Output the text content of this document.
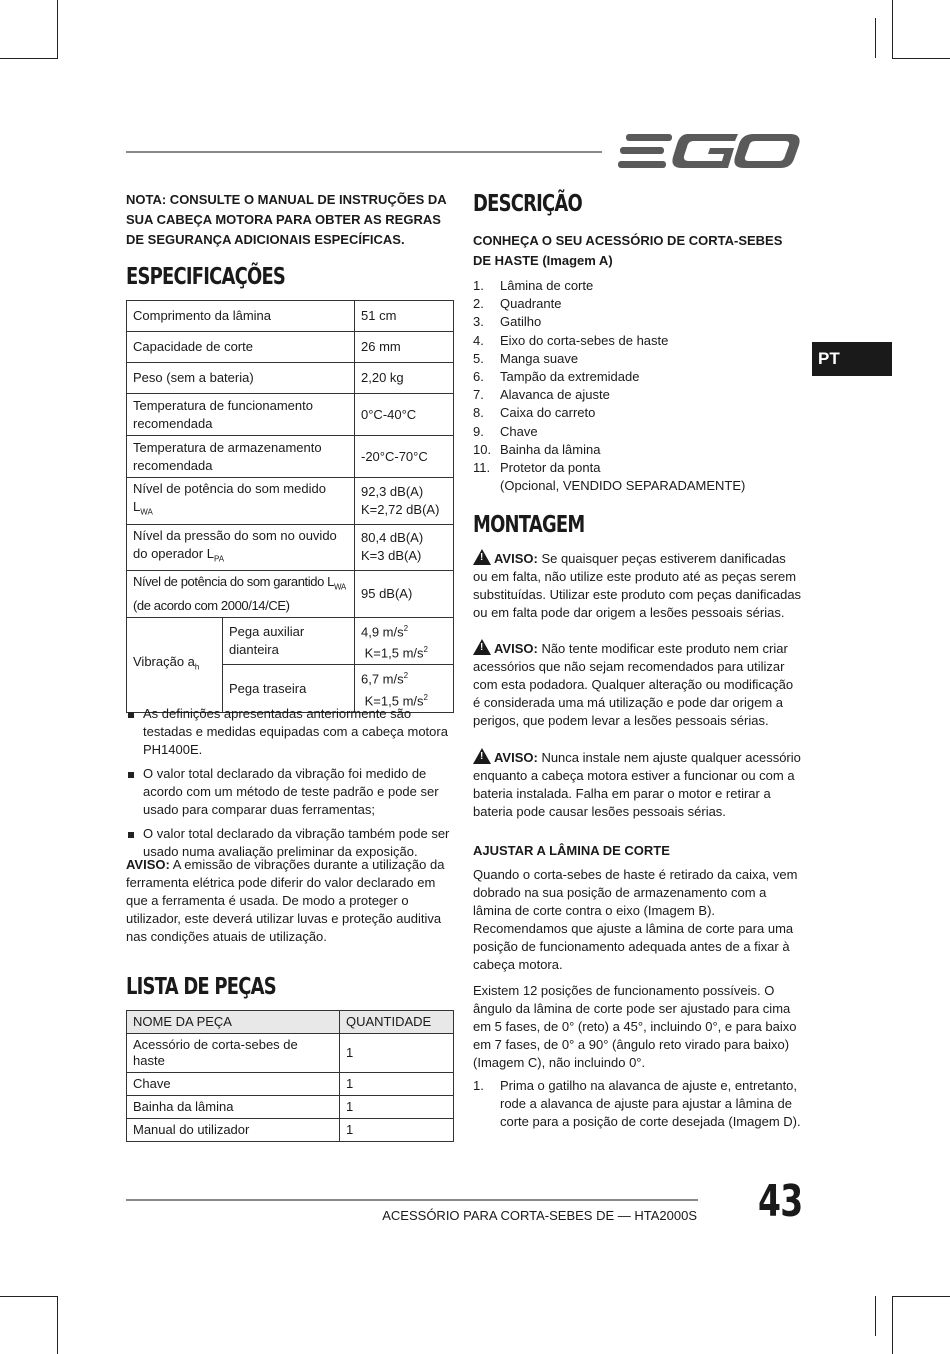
NOTA: CONSULTE O MANUAL DE INSTRUÇÕES DA SUA CABEÇA MOTORA PARA OBTER AS REGRAS DE SEGURANÇA ADICIONAIS ESPECÍFICAS.
ESPECIFICAÇÕES
Comprimento da lâmina		51 cm
Capacidade de corte		26 mm
Peso (sem a bateria)		2,20 kg
Temperatura de funcionamento recomendada		0°C-40°C
Temperatura de armazenamento recomendada		-20°C-70°C
Nível de potência do som medido $L_{WA}$		92,3 dB(A)
K=2,72 dB(A)
Nível da pressão do som no ouvido do operador $L_{PA}$		80,4 dB(A)
K=3 dB(A)
Nível de potência do som garantido $L_{WA}$
(de acordo com 2000/14/CE)		95 dB(A)
Vibração $a_h$	Pega auxiliar dianteira	4,9 $m/s^2$
K=1,5 $m/s^2$
	Pega traseira	6,7 $m/s^2$
K=1,5 $m/s^2$
As definições apresentadas anteriormente são testadas e medidas equipadas com a cabeça motora PH1400E.
O valor total declarado da vibração foi medido de acordo com um método de teste padrão e pode ser usado para comparar duas ferramentas;
O valor total declarado da vibração também pode ser usado numa avaliação preliminar da exposição.
AVISO: A emissão de vibrações durante a utilização da ferramenta elétrica pode diferir do valor declarado em que a ferramenta é usada. De modo a proteger o utilizador, este deverá utilizar luvas e proteção auditiva nas condições atuais de utilização.
LISTA DE PEÇAS
NOME DA PEÇA	QUANTIDADE
Acessório de corta-sebes de haste	1
Chave	1
Bainha da lâmina	1
Manual do utilizador	1
DESCRIÇÃO
CONHEÇA O SEU ACESSÓRIO DE CORTA-SEBES DE HASTE (Imagem A)
1. Lâmina de corte
2. Quadrante
3. Gatilho
4. Eixo do corta-sebes de haste
5. Manga suave
6. Tampão da extremidade
7. Alavanca de ajuste
8. Caixa do carreto
9. Chave
10. Bainha da lâmina
11. Protetor da ponta
(Opcional, VENDIDO SEPARADAMENTE)
PT
MONTAGEM
!AVISO: Se quaisquer peças estiverem danificadas ou em falta, não utilize este produto até as peças serem substituídas. Utilizar este produto com peças danificadas ou em falta pode dar origem a lesões pessoais sérias.
!AVISO: Não tente modificar este produto nem criar acessórios que não sejam recomendados para utilizar com esta podadora. Qualquer alteração ou modificação é considerada uma má utilização e pode dar origem a perigos, que podem levar a lesões pessoais sérias.
!AVISO: Nunca instale nem ajuste qualquer acessório enquanto a cabeça motora estiver a funcionar ou com a bateria instalada. Falha em parar o motor e retirar a bateria pode causar lesões pessoais sérias.
AJUSTAR A LÂMINA DE CORTE
Quando o corta-sebes de haste é retirado da caixa, vem dobrado na sua posição de armazenamento com a lâmina de corte contra o eixo (Imagem B). Recomendamos que ajuste a lâmina de corte para uma posição de funcionamento adequada antes de a fixar à cabeça motora.
Existem 12 posições de funcionamento possíveis. O ângulo da lâmina de corte pode ser ajustado para cima em 5 fases, de 0° (reto) a 45°, incluindo 0°, e para baixo em 7 fases, de 0° a 90° (ângulo reto virado para baixo) (Imagem C), não incluindo 0°.
1. Prima o gatilho na alavanca de ajuste e, entretanto, rode a alavanca de ajuste para ajustar a lâmina de corte para a posição de corte desejada (Imagem D).
ACESSÓRIO PARA CORTA-SEBES DE — HTA2000S 43
